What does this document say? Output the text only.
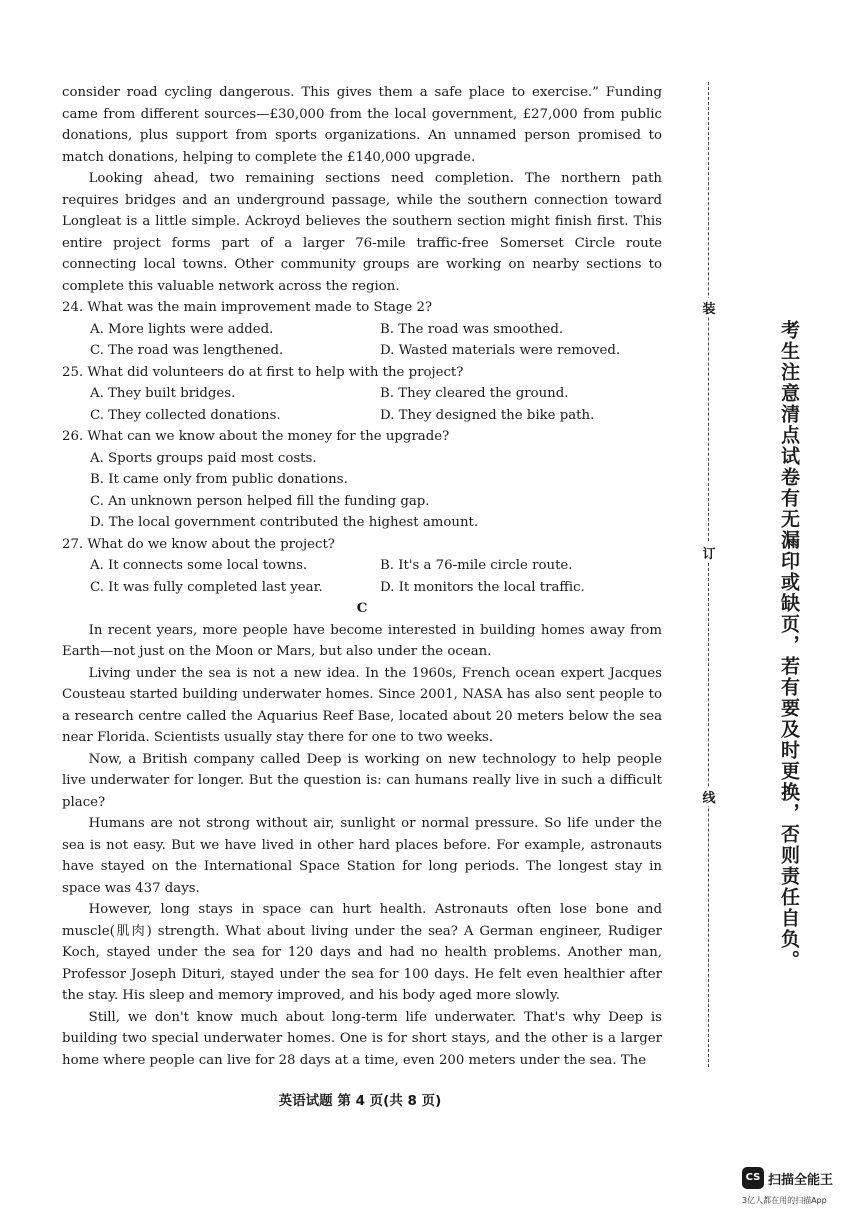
consider road cycling dangerous. This gives them a safe place to exercise.” Funding came from different sources—£30,000 from the local government, £27,000 from public donations, plus support from sports organizations. An unnamed person promised to match donations, helping to complete the £140,000 upgrade.

Looking ahead, two remaining sections need completion. The northern path requires bridges and an underground passage, while the southern connection toward Longleat is a little simple. Ackroyd believes the southern section might finish first. This entire project forms part of a larger 76-mile traffic-free Somerset Circle route connecting local towns. Other community groups are working on nearby sections to complete this valuable network across the region.

24. What was the main improvement made to Stage 2?

A. More lights were added.	B. The road was smoothed.

C. The road was lengthened.	D. Wasted materials were removed.

25. What did volunteers do at first to help with the project?

A. They built bridges.	B. They cleared the ground.

C. They collected donations.	D. They designed the bike path.

26. What can we know about the money for the upgrade?

A. Sports groups paid most costs.

B. It came only from public donations.

C. An unknown person helped fill the funding gap.

D. The local government contributed the highest amount.

27. What do we know about the project?

A. It connects some local towns.	B. It's a 76-mile circle route.

C. It was fully completed last year.	D. It monitors the local traffic.

C

In recent years, more people have become interested in building homes away from Earth—not just on the Moon or Mars, but also under the ocean.

Living under the sea is not a new idea. In the 1960s, French ocean expert Jacques Cousteau started building underwater homes. Since 2001, NASA has also sent people to a research centre called the Aquarius Reef Base, located about 20 meters below the sea near Florida. Scientists usually stay there for one to two weeks.

Now, a British company called Deep is working on new technology to help people live underwater for longer. But the question is: can humans really live in such a difficult place?

Humans are not strong without air, sunlight or normal pressure. So life under the sea is not easy. But we have lived in other hard places before. For example, astronauts have stayed on the International Space Station for long periods. The longest stay in space was 437 days.

However, long stays in space can hurt health. Astronauts often lose bone and muscle(肌肉) strength. What about living under the sea? A German engineer, Rudiger Koch, stayed under the sea for 120 days and had no health problems. Another man, Professor Joseph Dituri, stayed under the sea for 100 days. He felt even healthier after the stay. His sleep and memory improved, and his body aged more slowly.

Still, we don't know much about long-term life underwater. That's why Deep is building two special underwater homes. One is for short stays, and the other is a larger home where people can live for 28 days at a time, even 200 meters under the sea. The

英语试题 第 4 页(共 8 页)
装
订
线	考生注意清点试卷有无漏印或缺页，若有要及时更换，否则责任自负。
CS 扫描全能王
3亿人都在用的扫描App
